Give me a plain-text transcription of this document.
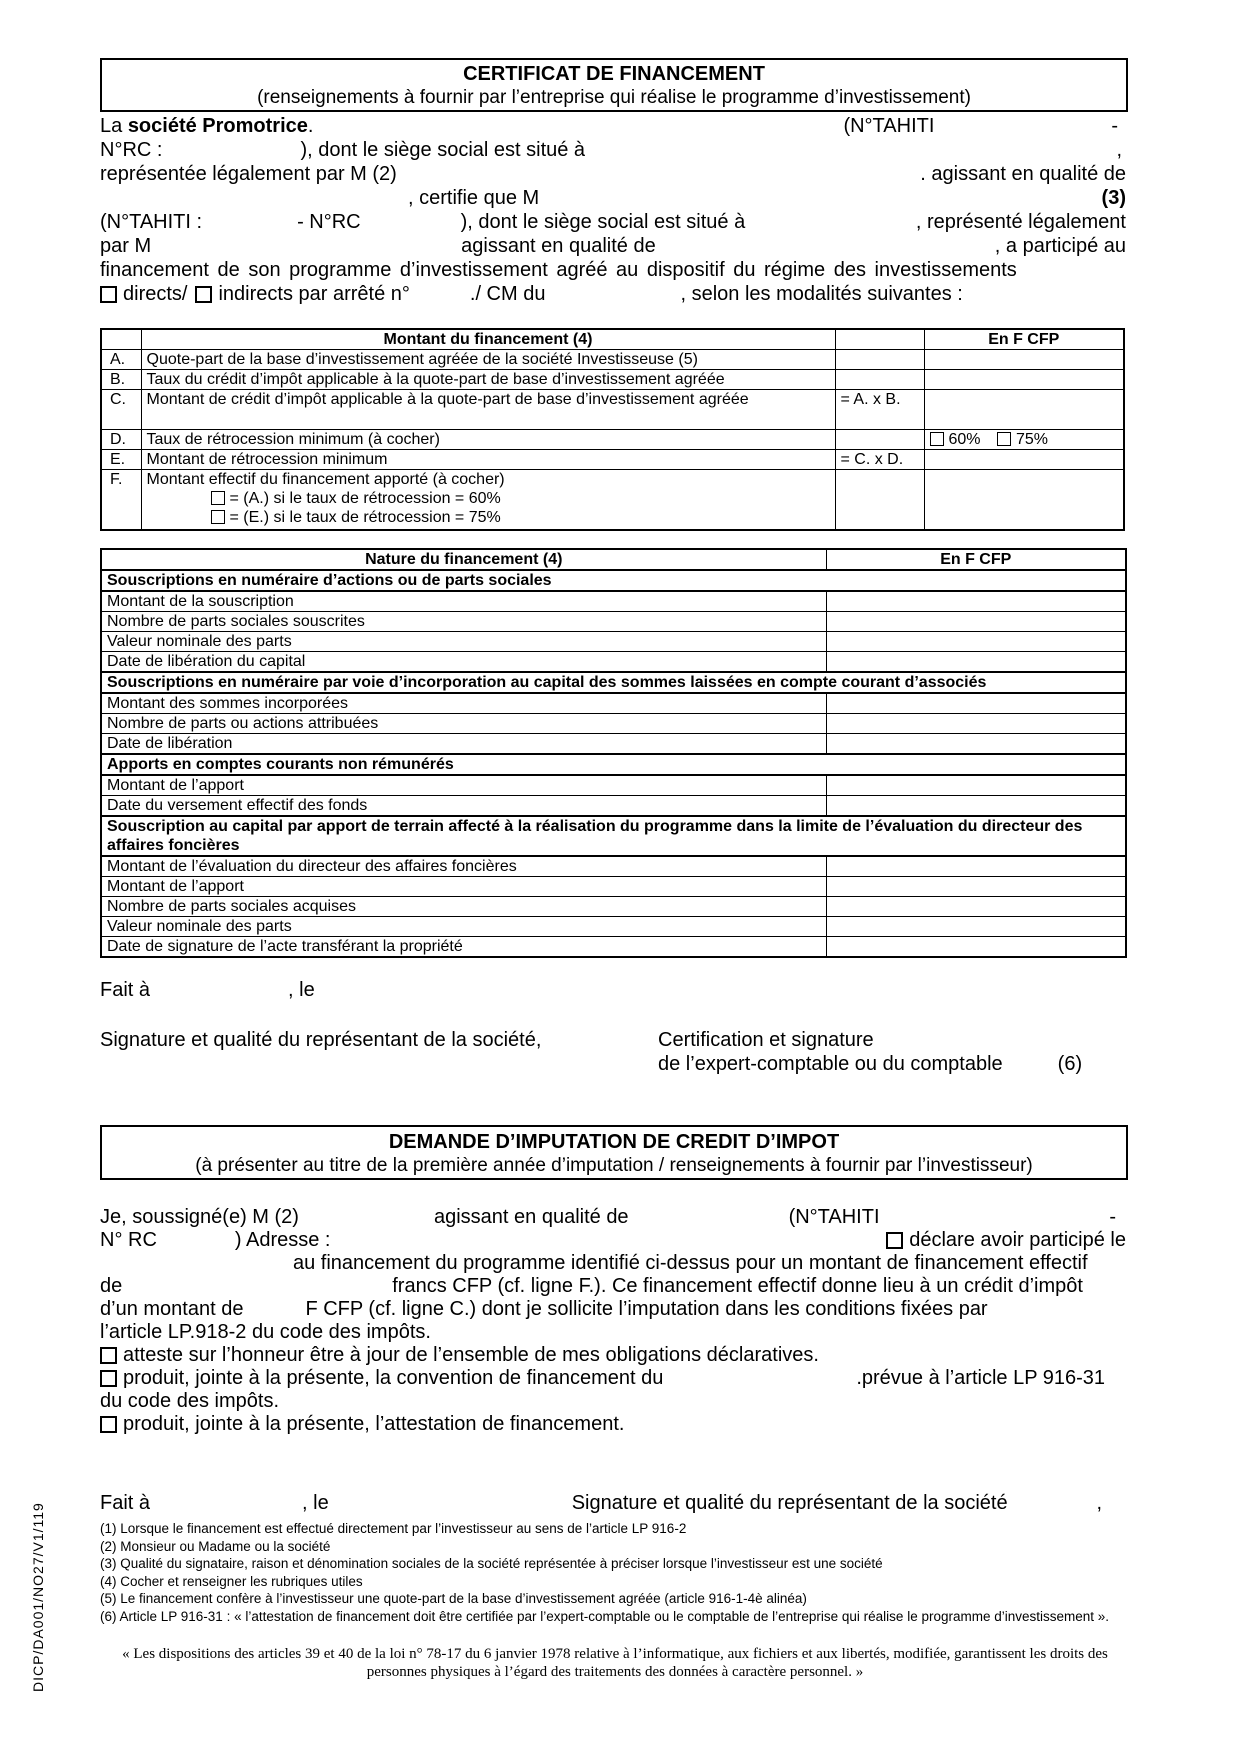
DICP/DA001/NO27/V1/119
CERTIFICAT DE FINANCEMENT
(renseignements à fournir par l’entreprise qui réalise le programme d’investissement)
La société Promotrice .	(N°TAHITI	-
N°RC :	), dont le siège social est situé à	,
représentée légalement par M (2)	. agissant en qualité de
, certifie que M	(3)
(N°TAHITI :	- N°RC	), dont le siège social est situé à	, représenté légalement
par M	agissant en qualité de	, a participé au
financement de son programme d’investissement agréé au dispositif du régime des investissements
directs/ indirects par arrêté n°	./ CM du	, selon les modalités suivantes :
	Montant du financement (4)		En F CFP
A.	Quote-part de la base d’investissement agréée de la société Investisseuse (5)		
B.	Taux du crédit d’impôt applicable à la quote-part de base d’investissement agréée		
C.	Montant de crédit d’impôt applicable à la quote-part de base d’investissement agréée	= A. x B.	
D.	Taux de rétrocession minimum (à cocher)		60% 75%
E.	Montant de rétrocession minimum	= C. x D.	
F.	Montant effectif du financement apporté (à cocher)
= (A.) si le taux de rétrocession = 60%
= (E.) si le taux de rétrocession = 75%		

Nature du financement (4)	En F CFP
Souscriptions en numéraire d’actions ou de parts sociales	
Montant de la souscription	
Nombre de parts sociales souscrites	
Valeur nominale des parts	
Date de libération du capital	
Souscriptions en numéraire par voie d’incorporation au capital des sommes laissées en compte courant d’associés	
Montant des sommes incorporées	
Nombre de parts ou actions attribuées	
Date de libération	
Apports en comptes courants non rémunérés	
Montant de l’apport	
Date du versement effectif des fonds	
Souscription au capital par apport de terrain affecté à la réalisation du programme dans la limite de l’évaluation du directeur des affaires foncières	
Montant de l’évaluation du directeur des affaires foncières	
Montant de l’apport	
Nombre de parts sociales acquises	
Valeur nominale des parts	
Date de signature de l’acte transférant la propriété	
Fait à	, le
Signature et qualité du représentant de la société,	Certification et signature
de l’expert-comptable ou du comptable	(6)
DEMANDE D’IMPUTATION DE CREDIT D’IMPOT
(à présenter au titre de la première année d’imputation / renseignements à fournir par l’investisseur)
Je, soussigné(e) M (2)	agissant en qualité de	(N°TAHITI	-
N° RC	) Adresse :	déclare avoir participé le
au financement du programme identifié ci-dessus pour un montant de financement effectif
de	francs CFP (cf. ligne F.). Ce financement effectif donne lieu à un crédit d’impôt
d’un montant de	F CFP (cf. ligne C.) dont je sollicite l’imputation dans les conditions fixées par
l’article LP.918-2 du code des impôts.
atteste sur l’honneur être à jour de l’ensemble de mes obligations déclaratives.
produit, jointe à la présente, la convention de financement du	.prévue à l’article LP 916-31
du code des impôts.
produit, jointe à la présente, l’attestation de financement.
Fait à	, le	Signature et qualité du représentant de la société	,
(1) Lorsque le financement est effectué directement par l’investisseur au sens de l’article LP 916-2
(2) Monsieur ou Madame ou la société
(3) Qualité du signataire, raison et dénomination sociales de la société représentée à préciser lorsque l’investisseur est une société
(4) Cocher et renseigner les rubriques utiles
(5) Le financement confère à l’investisseur une quote-part de la base d’investissement agréée (article 916-1-4è alinéa)
(6) Article LP 916-31 : « l’attestation de financement doit être certifiée par l’expert-comptable ou le comptable de l’entreprise qui réalise le programme d’investissement ».
« Les dispositions des articles 39 et 40 de la loi n° 78-17 du 6 janvier 1978 relative à l’informatique, aux fichiers et aux libertés, modifiée, garantissent les droits des personnes physiques à l’égard des traitements des données à caractère personnel. »
